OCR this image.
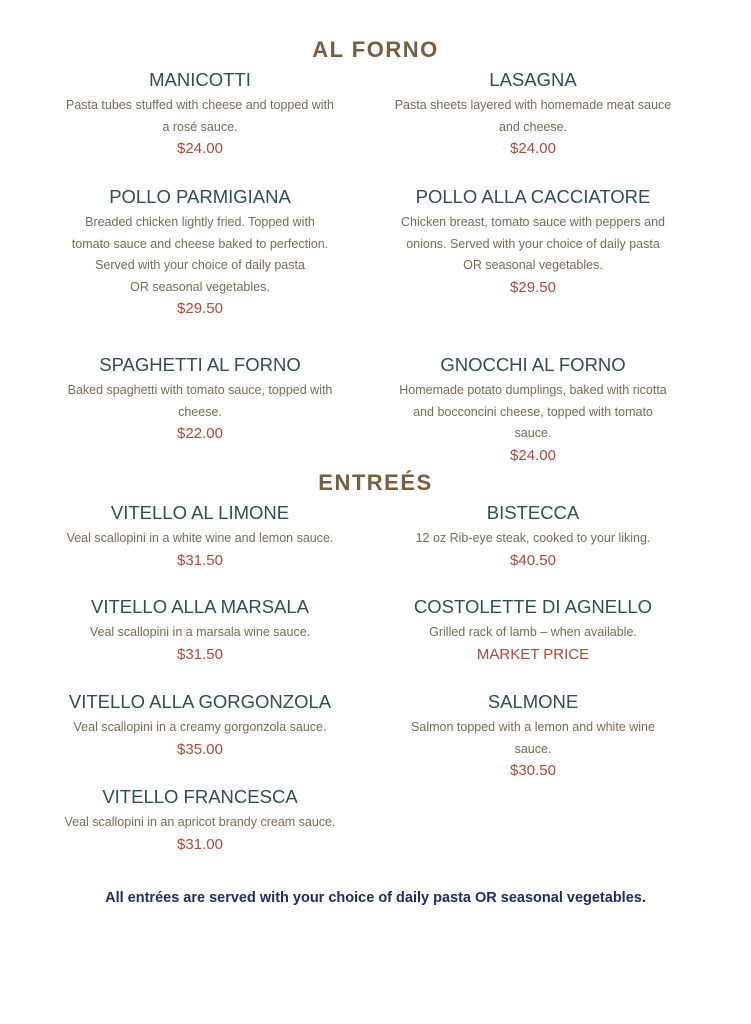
AL FORNO
MANICOTTI
Pasta tubes stuffed with cheese and topped with
a rosé sauce.
$24.00
LASAGNA
Pasta sheets layered with homemade meat sauce
and cheese.
$24.00
POLLO PARMIGIANA
Breaded chicken lightly fried. Topped with
tomato sauce and cheese baked to perfection.
Served with your choice of daily pasta
OR seasonal vegetables.
$29.50
POLLO ALLA CACCIATORE
Chicken breast, tomato sauce with peppers and
onions. Served with your choice of daily pasta
OR seasonal vegetables.
$29.50
SPAGHETTI AL FORNO
Baked spaghetti with tomato sauce, topped with
cheese.
$22.00
GNOCCHI AL FORNO
Homemade potato dumplings, baked with ricotta
and bocconcini cheese, topped with tomato
sauce.
$24.00
ENTREÉS
VITELLO AL LIMONE
Veal scallopini in a white wine and lemon sauce.
$31.50
BISTECCA
12 oz Rib-eye steak, cooked to your liking.
$40.50
VITELLO ALLA MARSALA
Veal scallopini in a marsala wine sauce.
$31.50
COSTOLETTE DI AGNELLO
Grilled rack of lamb – when available.
MARKET PRICE
VITELLO ALLA GORGONZOLA
Veal scallopini in a creamy gorgonzola sauce.
$35.00
SALMONE
Salmon topped with a lemon and white wine
sauce.
$30.50
VITELLO FRANCESCA
Veal scallopini in an apricot brandy cream sauce.
$31.00
All entrées are served with your choice of daily pasta OR seasonal vegetables.
